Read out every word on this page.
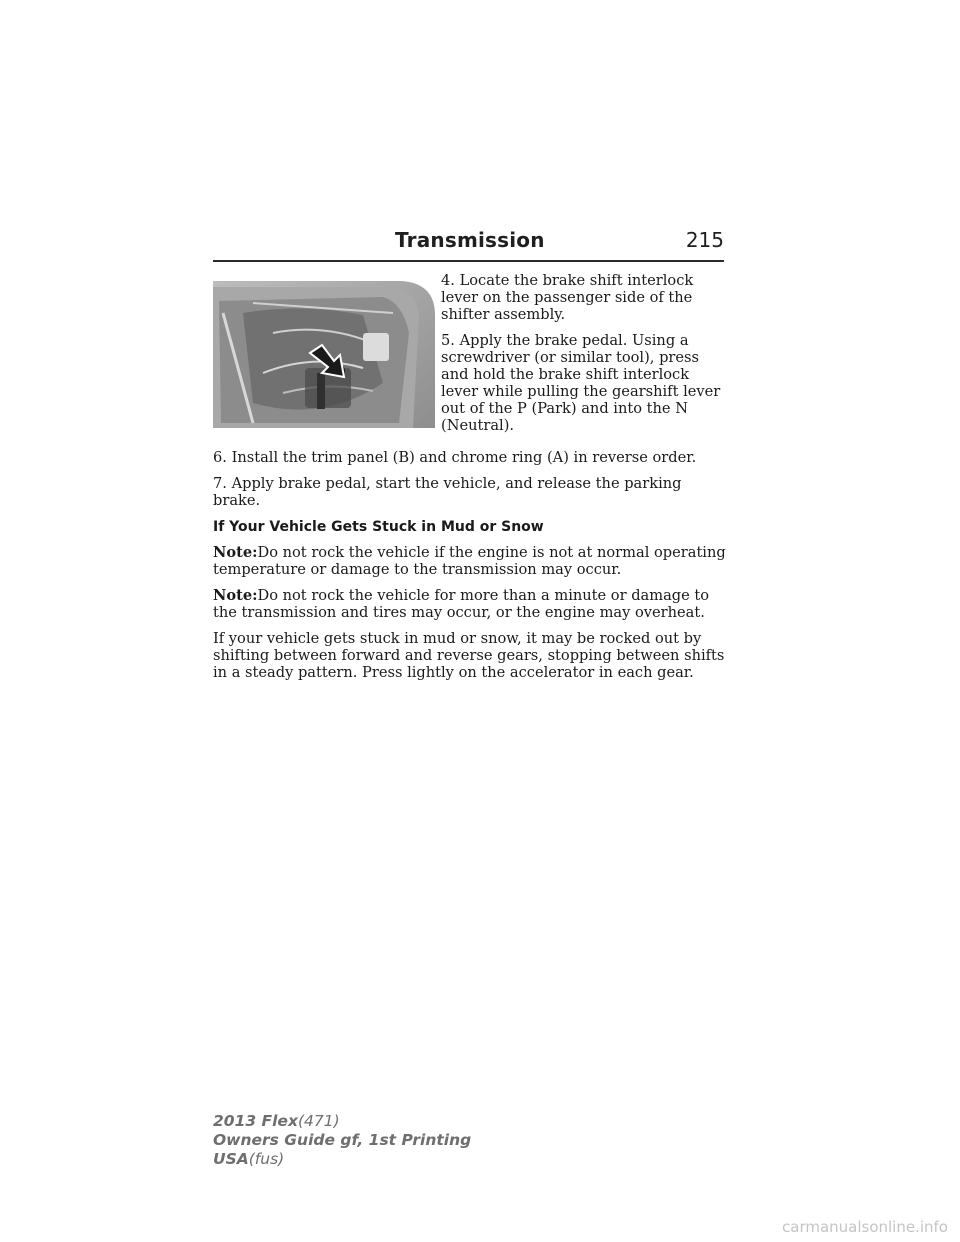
Transmission	215

4. Locate the brake shift interlock lever on the passenger side of the shifter assembly.

5. Apply the brake pedal. Using a screwdriver (or similar tool), press and hold the brake shift interlock lever while pulling the gearshift lever out of the P (Park) and into the N (Neutral).

6. Install the trim panel (B) and chrome ring (A) in reverse order.

7. Apply brake pedal, start the vehicle, and release the parking brake.

If Your Vehicle Gets Stuck in Mud or Snow

Note:Do not rock the vehicle if the engine is not at normal operating temperature or damage to the transmission may occur.

Note:Do not rock the vehicle for more than a minute or damage to the transmission and tires may occur, or the engine may overheat.

If your vehicle gets stuck in mud or snow, it may be rocked out by shifting between forward and reverse gears, stopping between shifts in a steady pattern. Press lightly on the accelerator in each gear.

2013 Flex(471)
Owners Guide gf, 1st Printing
USA(fus)
carmanualsonline.info
